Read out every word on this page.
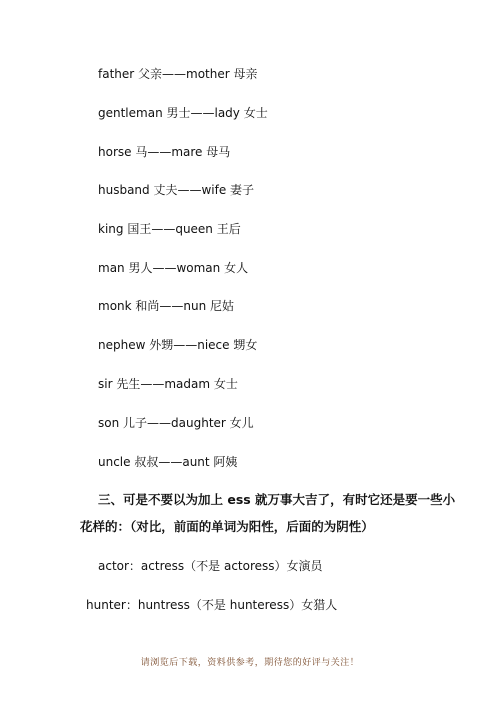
father 父亲——mother 母亲
gentleman 男士——lady 女士
horse 马——mare 母马
husband 丈夫——wife 妻子
king 国王——queen 王后
man 男人——woman 女人
monk 和尚——nun 尼姑
nephew 外甥——niece 甥女
sir 先生——madam 女士
son 儿子——daughter 女儿
uncle 叔叔——aunt 阿姨
三、可是不要以为加上 ess 就万事大吉了，有时它还是要一些小
花样的：（对比，前面的单词为阳性，后面的为阴性）
actor：actress（不是 actoress）女演员
hunter：huntress（不是 hunteress）女猎人
请浏览后下载，资料供参考，期待您的好评与关注！
